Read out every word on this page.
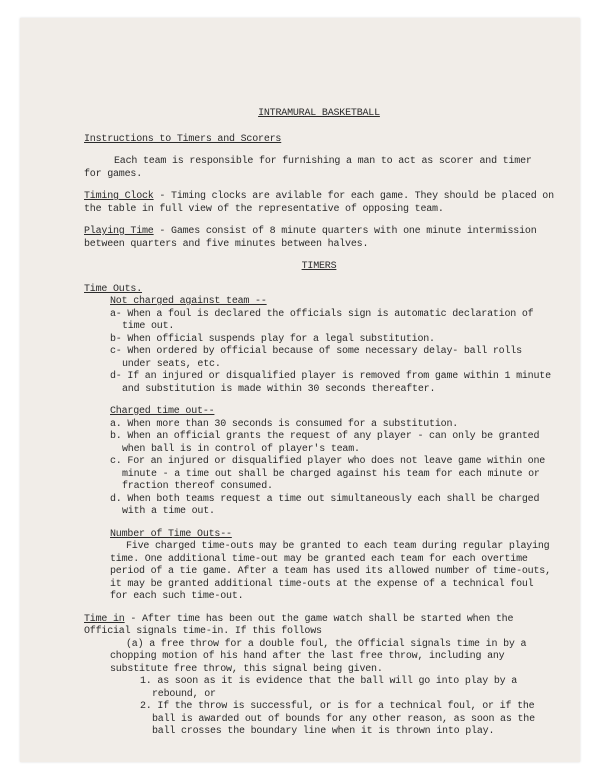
INTRAMURAL BASKETBALL

Instructions to Timers and Scorers

Each team is responsible for furnishing a man to act as scorer and timer for games.

Timing Clock - Timing clocks are avilable for each game. They should be placed on the table in full view of the representative of opposing team.

Playing Time - Games consist of 8 minute quarters with one minute intermission between quarters and five minutes between halves.

TIMERS

Time Outs.

Not charged against team --

a- When a foul is declared the officials sign is automatic declaration of time out.

b- When official suspends play for a legal substitution.

c- When ordered by official because of some necessary delay- ball rolls under seats, etc.

d- If an injured or disqualified player is removed from game within 1 minute and substitution is made within 30 seconds thereafter.

Charged time out--

a. When more than 30 seconds is consumed for a substitution.

b. When an official grants the request of any player - can only be granted when ball is in control of player's team.

c. For an injured or disqualified player who does not leave game within one minute - a time out shall be charged against his team for each minute or fraction thereof consumed.

d. When both teams request a time out simultaneously each shall be charged with a time out.

Number of Time Outs--

Five charged time-outs may be granted to each team during regular playing time. One additional time-out may be granted each team for each overtime period of a tie game. After a team has used its allowed number of time-outs, it may be granted additional time-outs at the expense of a technical foul for each such time-out.

Time in - After time has been out the game watch shall be started when the Official signals time-in. If this follows

(a) a free throw for a double foul, the Official signals time in by a chopping motion of his hand after the last free throw, including any substitute free throw, this signal being given.

1. as soon as it is evidence that the ball will go into play by a rebound, or

2. If the throw is successful, or is for a technical foul, or if the ball is awarded out of bounds for any other reason, as soon as the ball crosses the boundary line when it is thrown into play.
